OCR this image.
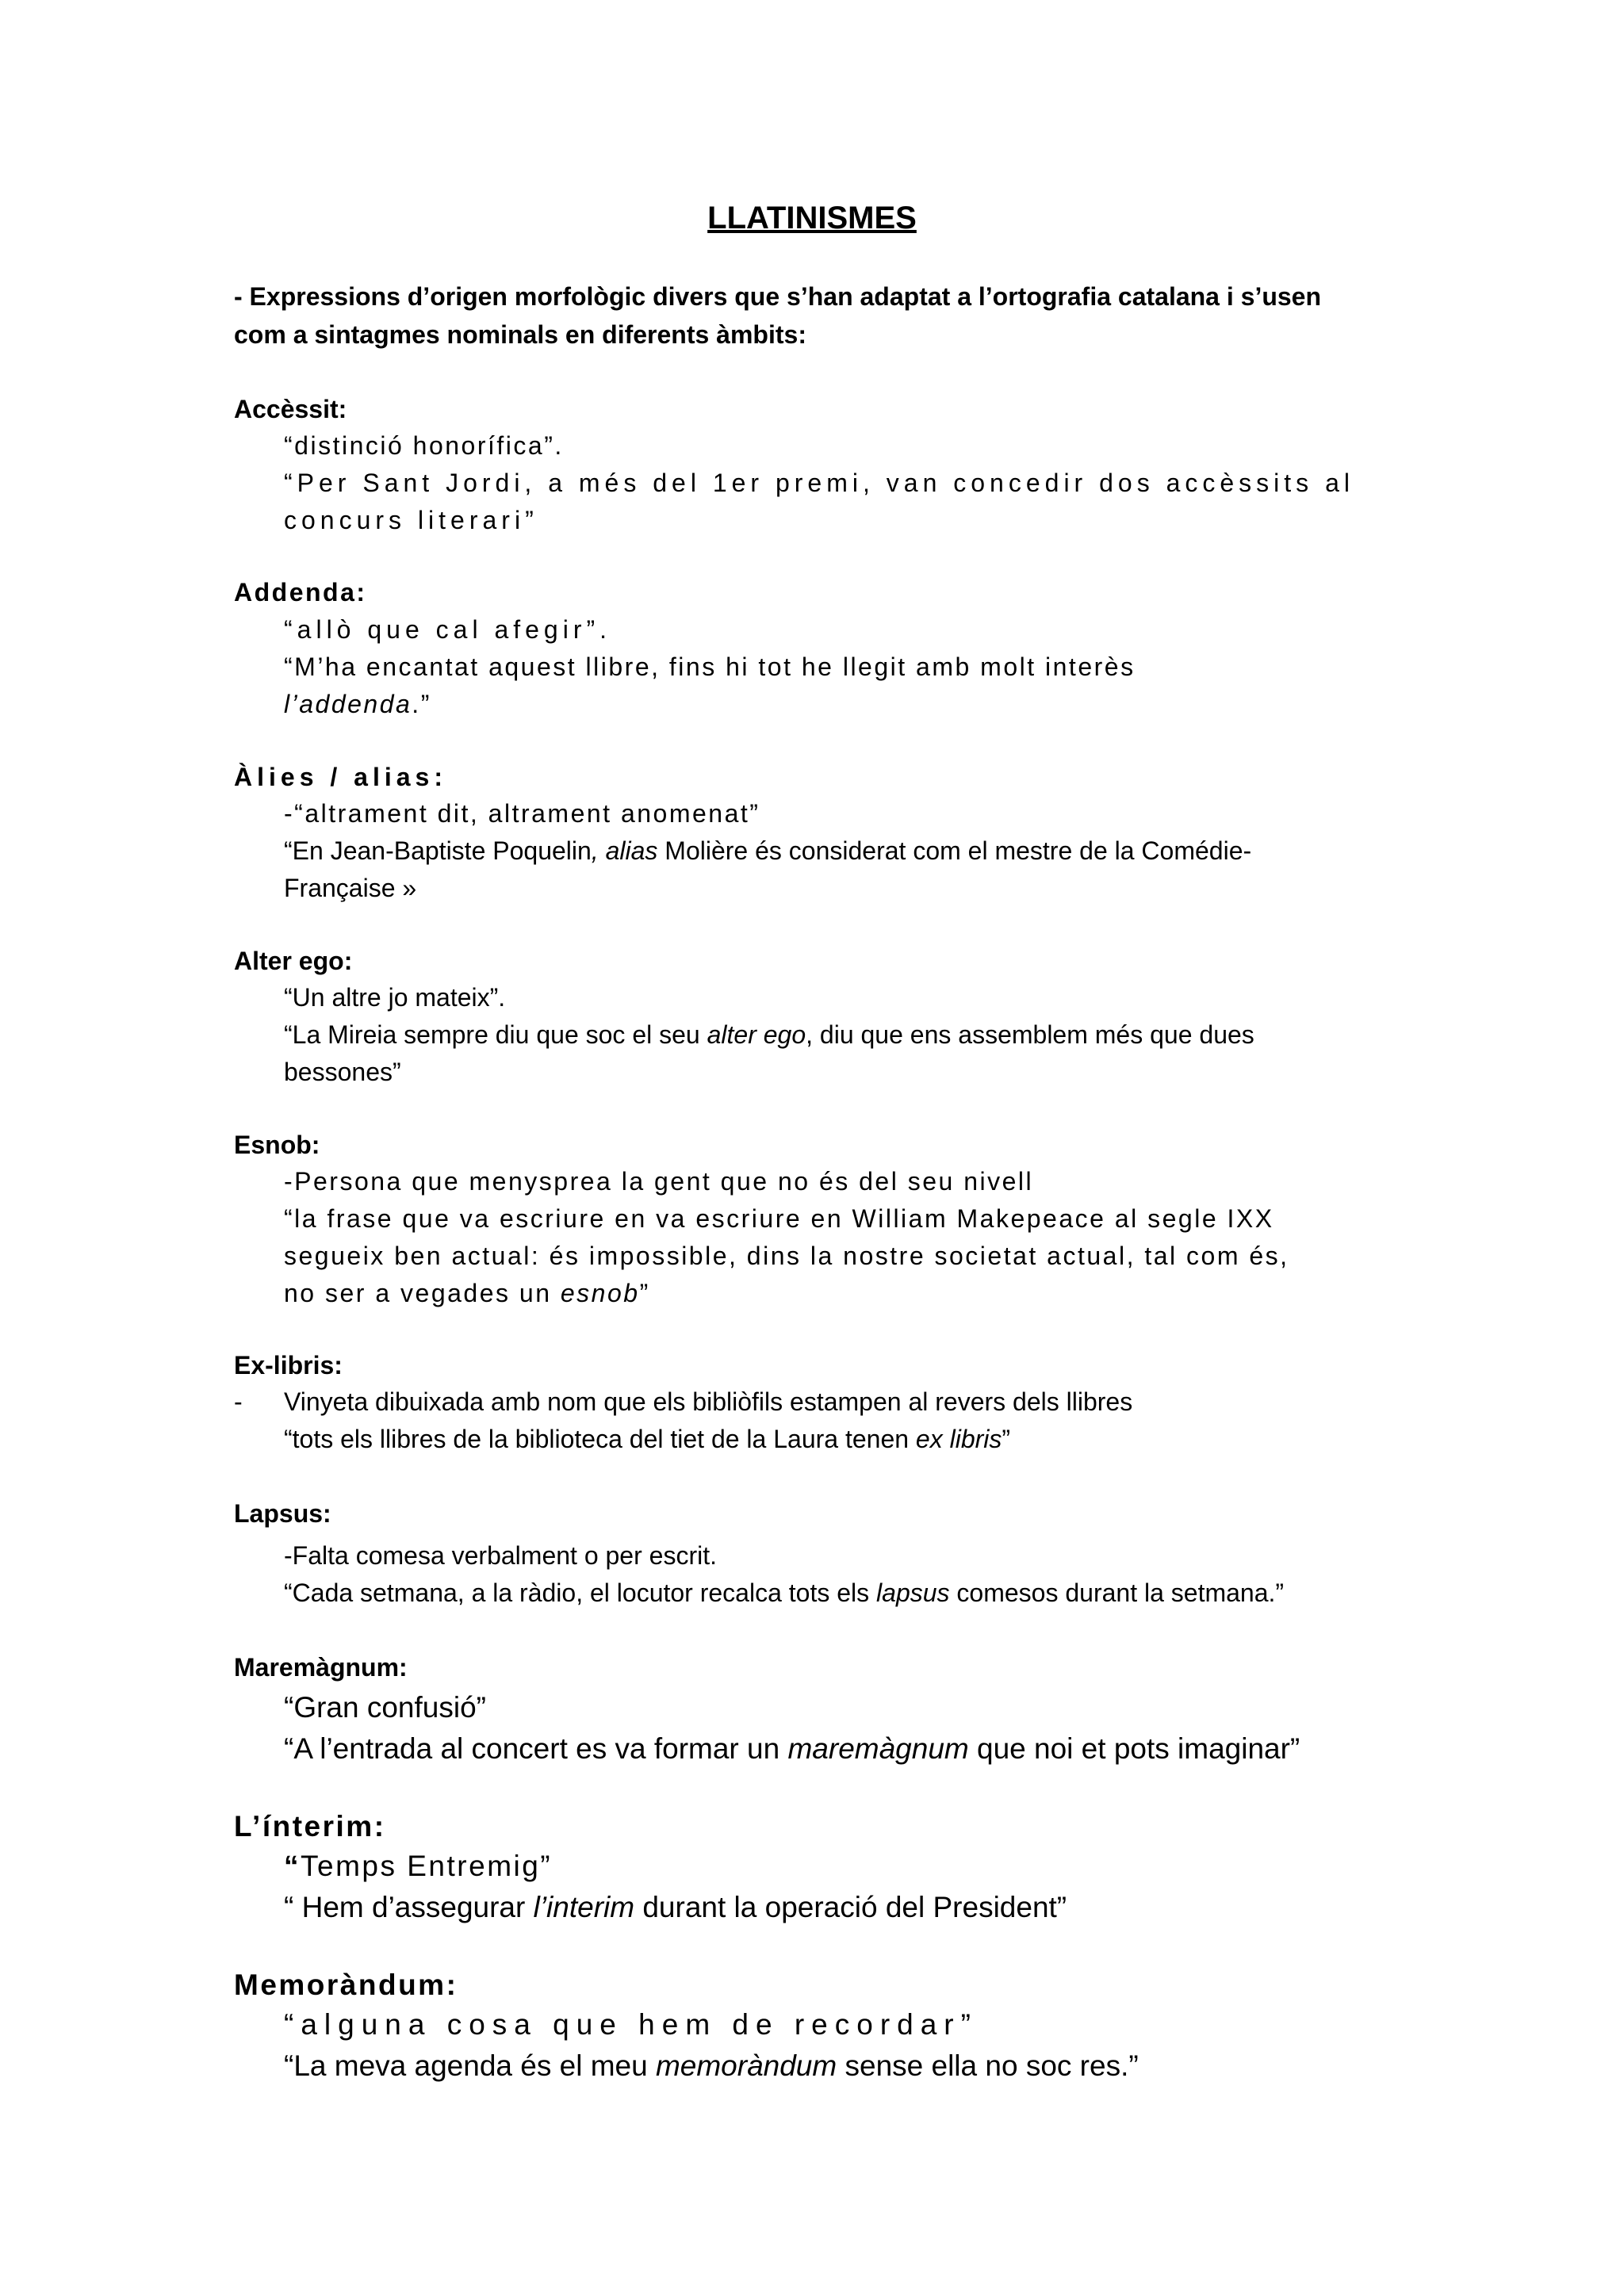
LLATINISMES
- Expressions d’origen morfològic divers que s’han adaptat a l’ortografia catalana i s’usen
com a sintagmes nominals en diferents àmbits:
Accèssit:
“distinció honorífica”.
“Per Sant Jordi, a més del 1er premi, van concedir dos accèssits al
concurs literari”
Addenda:
“allò que cal afegir”.
“M’ha encantat aquest llibre, fins hi tot he llegit amb molt interès
l’addenda.”
Àlies / alias:
-“altrament dit, altrament anomenat”
“En Jean-Baptiste Poquelin, alias Molière és considerat com el mestre de la Comédie-
Française »
Alter ego:
“Un altre jo mateix”.
“La Mireia sempre diu que soc el seu alter ego, diu que ens assemblem més que dues
bessones”
Esnob:
-Persona que menysprea la gent que no és del seu nivell
“la frase que va escriure en va escriure en William Makepeace al segle IXX
segueix ben actual: és impossible, dins la nostre societat actual, tal com és,
no ser a vegades un esnob”
Ex-libris:
- Vinyeta dibuixada amb nom que els bibliòfils estampen al revers dels llibres
“tots els llibres de la biblioteca del tiet de la Laura tenen ex libris”
Lapsus:
-Falta comesa verbalment o per escrit.
“Cada setmana, a la ràdio, el locutor recalca tots els lapsus comesos durant la setmana.”
Maremàgnum:
“Gran confusió”
“A l’entrada al concert es va formar un maremàgnum que noi et pots imaginar”
L’ínterim:
“Temps Entremig”
“ Hem d’assegurar l’interim durant la operació del President”
Memoràndum:
“alguna cosa que hem de recordar”
“La meva agenda és el meu memoràndum sense ella no soc res.”
